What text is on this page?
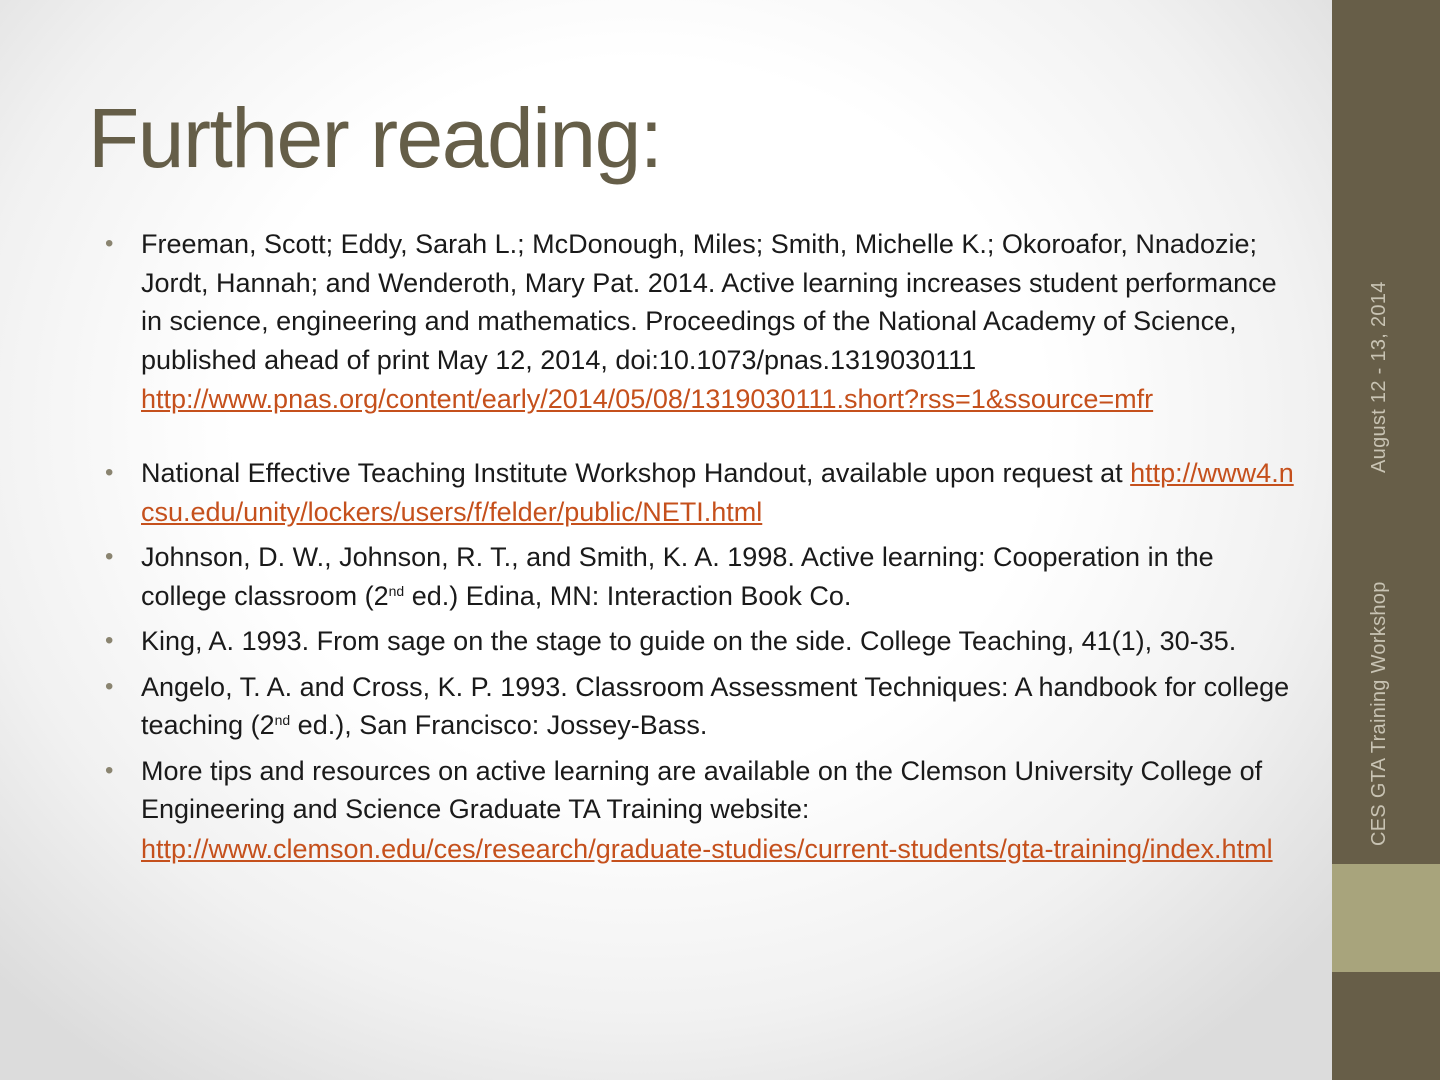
Further reading:
• Freeman, Scott; Eddy, Sarah L.; McDonough, Miles; Smith, Michelle K.; Okoroafor, Nnadozie; Jordt, Hannah; and Wenderoth, Mary Pat. 2014. Active learning increases student performance in science, engineering and mathematics. Proceedings of the National Academy of Science, published ahead of print May 12, 2014, doi:10.1073/pnas.1319030111
http://www.pnas.org/content/early/2014/05/08/1319030111.short?rss=1&ssource=mfr
• National Effective Teaching Institute Workshop Handout, available upon request at http://www4.ncsu.edu/unity/lockers/users/f/felder/public/NETI.html
• Johnson, D. W., Johnson, R. T., and Smith, K. A. 1998. Active learning: Cooperation in the college classroom (2nd ed.) Edina, MN: Interaction Book Co.
• King, A. 1993. From sage on the stage to guide on the side. College Teaching, 41(1), 30-35.
• Angelo, T. A. and Cross, K. P. 1993. Classroom Assessment Techniques: A handbook for college teaching (2nd ed.), San Francisco: Jossey-Bass.
• More tips and resources on active learning are available on the Clemson University College of Engineering and Science Graduate TA Training website:
http://www.clemson.edu/ces/research/graduate-studies/current-students/gta-training/index.html
August 12 - 13, 2014
CES GTA Training Workshop
